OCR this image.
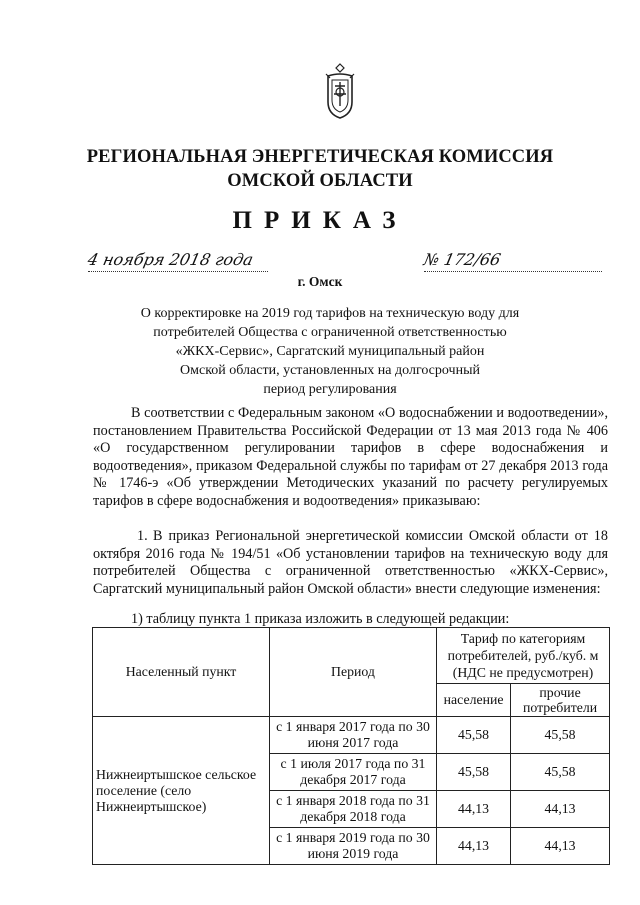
РЕГИОНАЛЬНАЯ ЭНЕРГЕТИЧЕСКАЯ КОМИССИЯ
ОМСКОЙ ОБЛАСТИ
ПРИКАЗ
4 ноября 2018 года	№ 172/66
г. Омск
О корректировке на 2019 год тарифов на техническую воду для
потребителей Общества с ограниченной ответственностью
«ЖКХ-Сервис», Саргатский муниципальный район
Омской области, установленных на долгосрочный
период регулирования
В соответствии с Федеральным законом «О водоснабжении и водоотведении», постановлением Правительства Российской Федерации от 13 мая 2013 года № 406 «О государственном регулировании тарифов в сфере водоснабжения и водоотведения», приказом Федеральной службы по тарифам от 27 декабря 2013 года № 1746-э «Об утверждении Методических указаний по расчету регулируемых тарифов в сфере водоснабжения и водоотведения» приказываю:
1. В приказ Региональной энергетической комиссии Омской области от 18 октября 2016 года № 194/51 «Об установлении тарифов на техническую воду для потребителей Общества с ограниченной ответственностью «ЖКХ-Сервис», Саргатский муниципальный район Омской области» внести следующие изменения:
1) таблицу пункта 1 приказа изложить в следующей редакции:
Населенный пункт	Период	Тариф по категориям потребителей, руб./куб. м (НДС не предусмотрен)	
		население	прочие потребители
Нижнеиртышское сельское поселение (село Нижнеиртышское)	с 1 января 2017 года по 30 июня 2017 года	45,58	45,58
	с 1 июля 2017 года по 31 декабря 2017 года	45,58	45,58
	с 1 января 2018 года по 31 декабря 2018 года	44,13	44,13
	с 1 января 2019 года по 30 июня 2019 года	44,13	44,13
